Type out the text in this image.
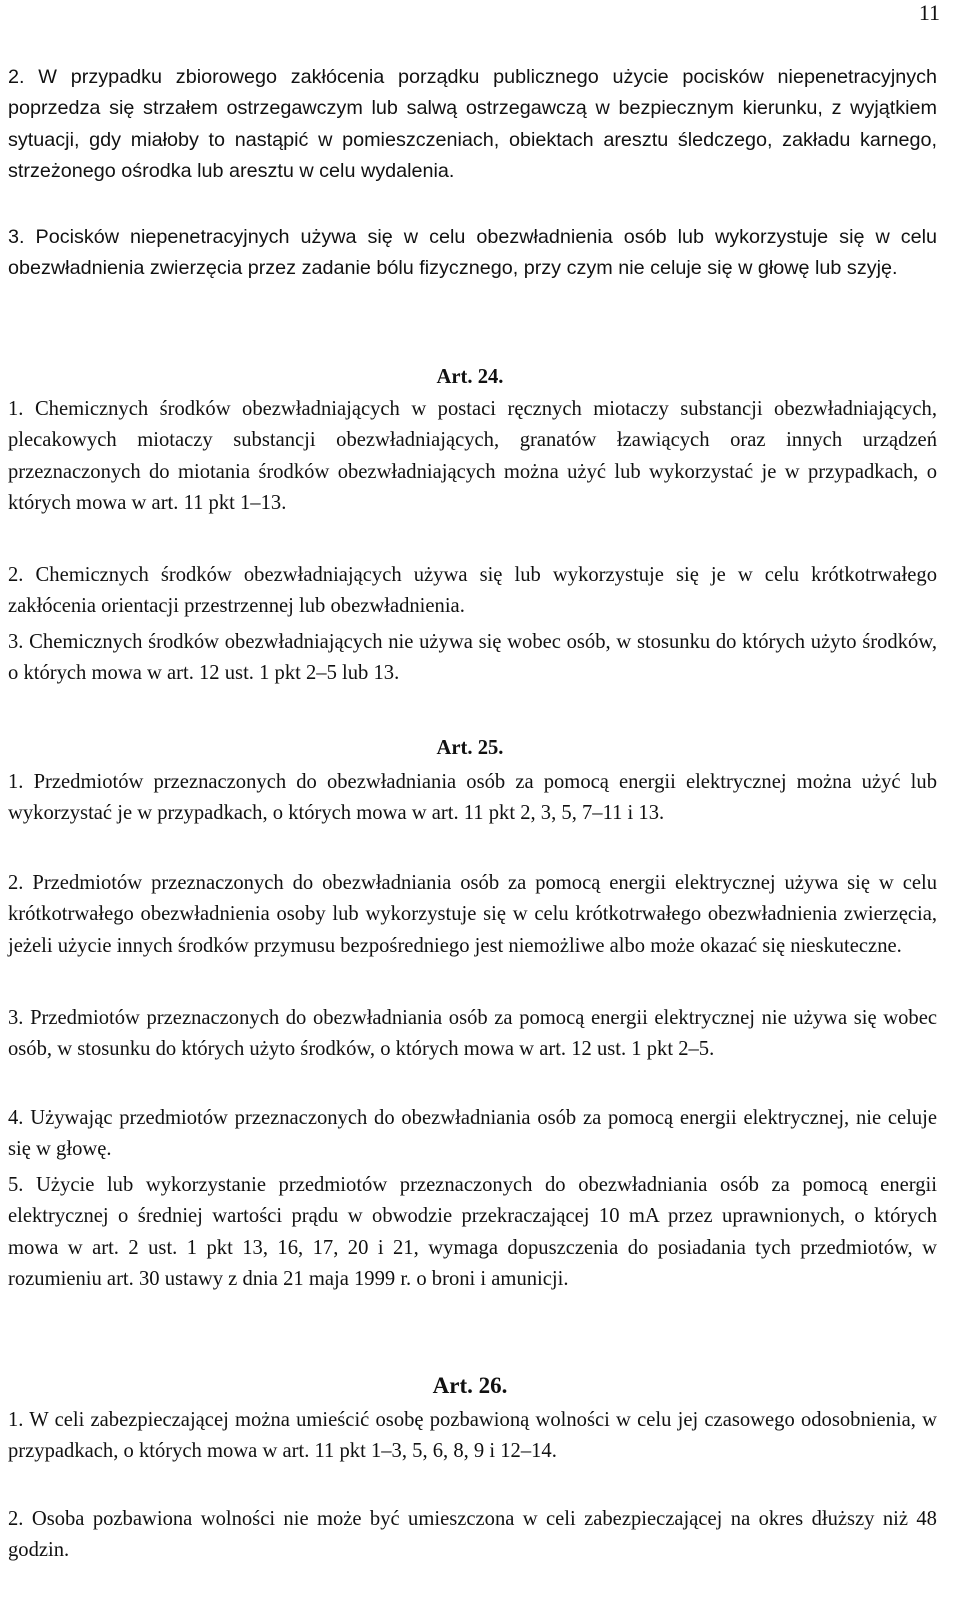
11
2. W przypadku zbiorowego zakłócenia porządku publicznego użycie pocisków niepenetracyjnych poprzedza się strzałem ostrzegawczym lub salwą ostrzegawczą w bezpiecznym kierunku, z wyjątkiem sytuacji, gdy miałoby to nastąpić w pomieszczeniach, obiektach aresztu śledczego, zakładu karnego, strzeżonego ośrodka lub aresztu w celu wydalenia.
3. Pocisków niepenetracyjnych używa się w celu obezwładnienia osób lub wykorzystuje się w celu obezwładnienia zwierzęcia przez zadanie bólu fizycznego, przy czym nie celuje się w głowę lub szyję.
Art. 24.
1. Chemicznych środków obezwładniających w postaci ręcznych miotaczy substancji obezwładniających, plecakowych miotaczy substancji obezwładniających, granatów łzawiących oraz innych urządzeń przeznaczonych do miotania środków obezwładniających można użyć lub wykorzystać je w przypadkach, o których mowa w art. 11 pkt 1–13.
2. Chemicznych środków obezwładniających używa się lub wykorzystuje się je w celu krótkotrwałego zakłócenia orientacji przestrzennej lub obezwładnienia.
3. Chemicznych środków obezwładniających nie używa się wobec osób, w stosunku do których użyto środków, o których mowa w art. 12 ust. 1 pkt 2–5 lub 13.
Art. 25.
1. Przedmiotów przeznaczonych do obezwładniania osób za pomocą energii elektrycznej można użyć lub wykorzystać je w przypadkach, o których mowa w art. 11 pkt 2, 3, 5, 7–11 i 13.
2. Przedmiotów przeznaczonych do obezwładniania osób za pomocą energii elektrycznej używa się w celu krótkotrwałego obezwładnienia osoby lub wykorzystuje się w celu krótkotrwałego obezwładnienia zwierzęcia, jeżeli użycie innych środków przymusu bezpośredniego jest niemożliwe albo może okazać się nieskuteczne.
3. Przedmiotów przeznaczonych do obezwładniania osób za pomocą energii elektrycznej nie używa się wobec osób, w stosunku do których użyto środków, o których mowa w art. 12 ust. 1 pkt 2–5.
4. Używając przedmiotów przeznaczonych do obezwładniania osób za pomocą energii elektrycznej, nie celuje się w głowę.
5. Użycie lub wykorzystanie przedmiotów przeznaczonych do obezwładniania osób za pomocą energii elektrycznej o średniej wartości prądu w obwodzie przekraczającej 10 mA przez uprawnionych, o których mowa w art. 2 ust. 1 pkt 13, 16, 17, 20 i 21, wymaga dopuszczenia do posiadania tych przedmiotów, w rozumieniu art. 30 ustawy z dnia 21 maja 1999 r. o broni i amunicji.
Art. 26.
1. W celi zabezpieczającej można umieścić osobę pozbawioną wolności w celu jej czasowego odosobnienia, w przypadkach, o których mowa w art. 11 pkt 1–3, 5, 6, 8, 9 i 12–14.
2. Osoba pozbawiona wolności nie może być umieszczona w celi zabezpieczającej na okres dłuższy niż 48 godzin.
